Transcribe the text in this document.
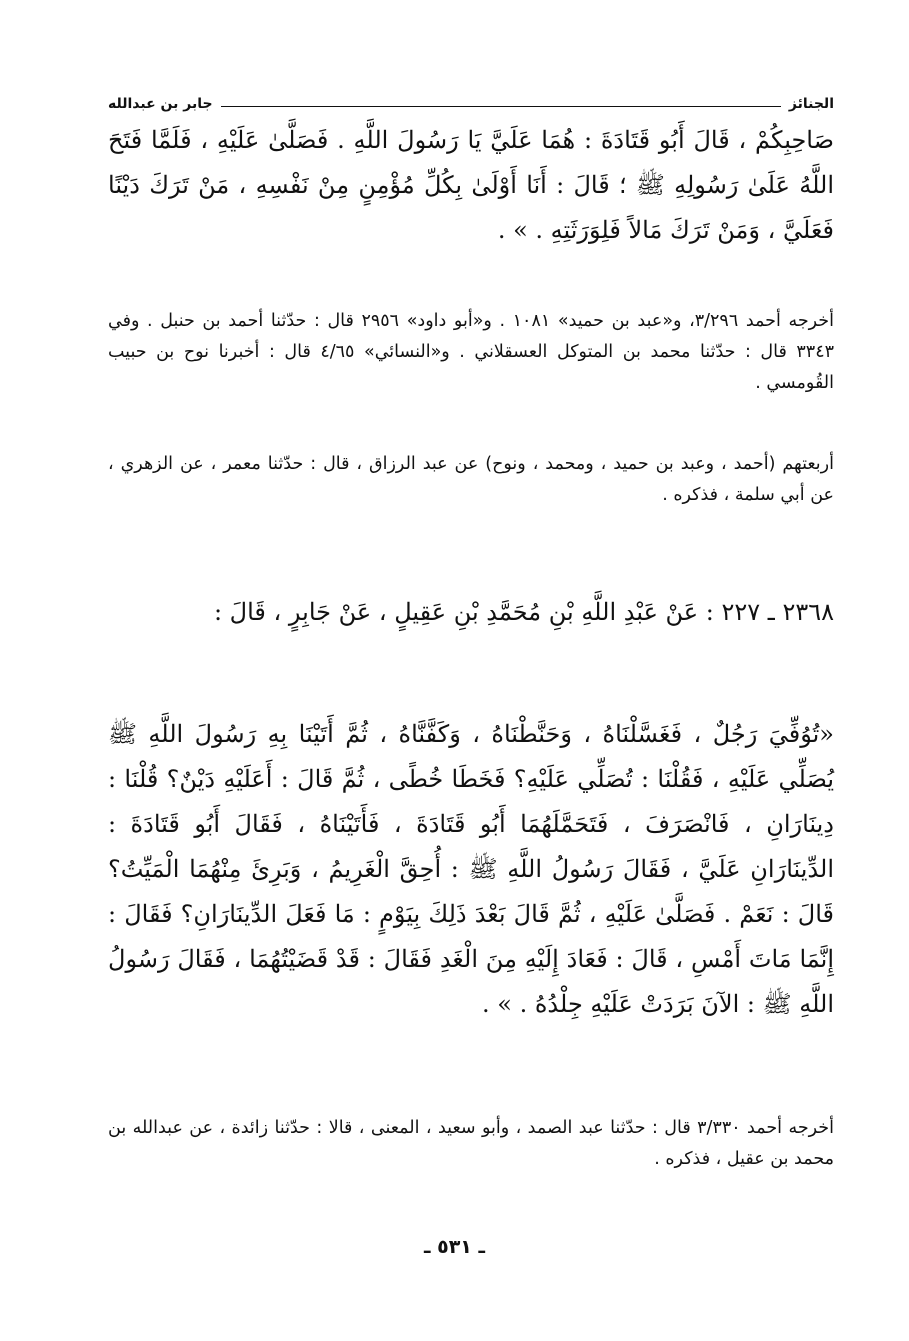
الجنائز
جابر بن عبدالله
صَاحِبِكُمْ ، قَالَ أَبُو قَتَادَةَ : هُمَا عَلَيَّ يَا رَسُولَ اللَّهِ . فَصَلَّىٰ عَلَيْهِ ، فَلَمَّا فَتَحَ اللَّهُ عَلَىٰ رَسُولِهِ ﷺ ؛ قَالَ : أَنَا أَوْلَىٰ بِكُلِّ مُؤْمِنٍ مِنْ نَفْسِهِ ، مَنْ تَرَكَ دَيْنًا فَعَلَيَّ ، وَمَنْ تَرَكَ مَالاً فَلِوَرَثَتِهِ . » .
أخرجه أحمد ٣/٢٩٦، و«عبد بن حميد» ١٠٨١ . و«أبو داود» ٢٩٥٦ قال : حدّثنا أحمد بن حنبل . وفي ٣٣٤٣ قال : حدّثنا محمد بن المتوكل العسقلاني . و«النسائي» ٤/٦٥ قال : أخبرنا نوح بن حبيب القُومسي .
أربعتهم (أحمد ، وعبد بن حميد ، ومحمد ، ونوح) عن عبد الرزاق ، قال : حدّثنا معمر ، عن الزهري ، عن أبي سلمة ، فذكره .
٢٣٦٨ ـ ٢٢٧ : عَنْ عَبْدِ اللَّهِ بْنِ مُحَمَّدِ بْنِ عَقِيلٍ ، عَنْ جَابِرٍ ، قَالَ :
«تُوُفِّيَ رَجُلٌ ، فَغَسَّلْنَاهُ ، وَحَنَّطْنَاهُ ، وَكَفَّنَّاهُ ، ثُمَّ أَتَيْنَا بِهِ رَسُولَ اللَّهِ ﷺ يُصَلِّي عَلَيْهِ ، فَقُلْنَا : تُصَلِّي عَلَيْهِ؟ فَخَطَا خُطًى ، ثُمَّ قَالَ : أَعَلَيْهِ دَيْنٌ؟ قُلْنَا : دِينَارَانِ ، فَانْصَرَفَ ، فَتَحَمَّلَهُمَا أَبُو قَتَادَةَ ، فَأَتَيْنَاهُ ، فَقَالَ أَبُو قَتَادَةَ : الدِّينَارَانِ عَلَيَّ ، فَقَالَ رَسُولُ اللَّهِ ﷺ : أُحِقَّ الْغَرِيمُ ، وَبَرِئَ مِنْهُمَا الْمَيِّتُ؟ قَالَ : نَعَمْ . فَصَلَّىٰ عَلَيْهِ ، ثُمَّ قَالَ بَعْدَ ذَلِكَ بِيَوْمٍ : مَا فَعَلَ الدِّينَارَانِ؟ فَقَالَ : إِنَّمَا مَاتَ أَمْسِ ، قَالَ : فَعَادَ إِلَيْهِ مِنَ الْغَدِ فَقَالَ : قَدْ قَضَيْتُهُمَا ، فَقَالَ رَسُولُ اللَّهِ ﷺ : الآنَ بَرَدَتْ عَلَيْهِ جِلْدُهُ . » .
أخرجه أحمد ٣/٣٣٠ قال : حدّثنا عبد الصمد ، وأبو سعيد ، المعنى ، قالا : حدّثنا زائدة ، عن عبدالله بن محمد بن عقيل ، فذكره .
ـ ٥٣١ ـ
